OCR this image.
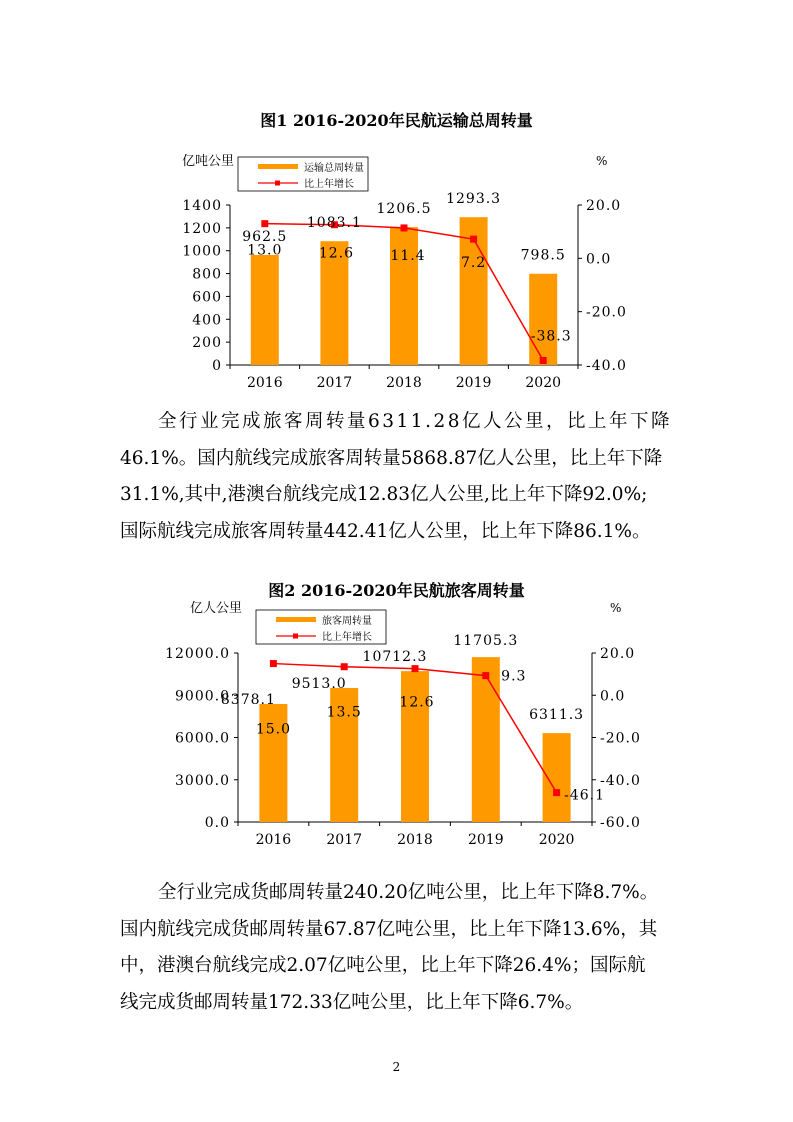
图1 2016-2020年民航运输总周转量
亿吨公里	%
运输总周转量
比上年增长
0
200
400
600
800
1000
1200
1400
-40.0
-20.0
0.0
20.0
2016 2017 2018 2019 2020
962.5
1083.1
1206.5
1293.3
798.5
13.0	12.6	11.4	7.2
-38.3
全行业完成旅客周转量6311.28亿人公里，比上年下降
46.1%。国内航线完成旅客周转量5868.87亿人公里，比上年下降
31.1%,其中,港澳台航线完成12.83亿人公里,比上年下降92.0%;
国际航线完成旅客周转量442.41亿人公里，比上年下降86.1%。
图2 2016-2020年民航旅客周转量
亿人公里	%
旅客周转量
比上年增长
0.0
3000.0
6000.0
9000.0
12000.0
-60.0
-40.0
-20.0
0.0
20.0
2016	2017	2018	2019	2020
8378.1
9513.0
10712.3
11705.3
6311.3
15.0
13.5
12.6
9.3
-46.1
全行业完成货邮周转量240.20亿吨公里，比上年下降8.7%。
国内航线完成货邮周转量67.87亿吨公里，比上年下降13.6%，其
中，港澳台航线完成2.07亿吨公里，比上年下降26.4%；国际航
线完成货邮周转量172.33亿吨公里，比上年下降6.7%。
2
